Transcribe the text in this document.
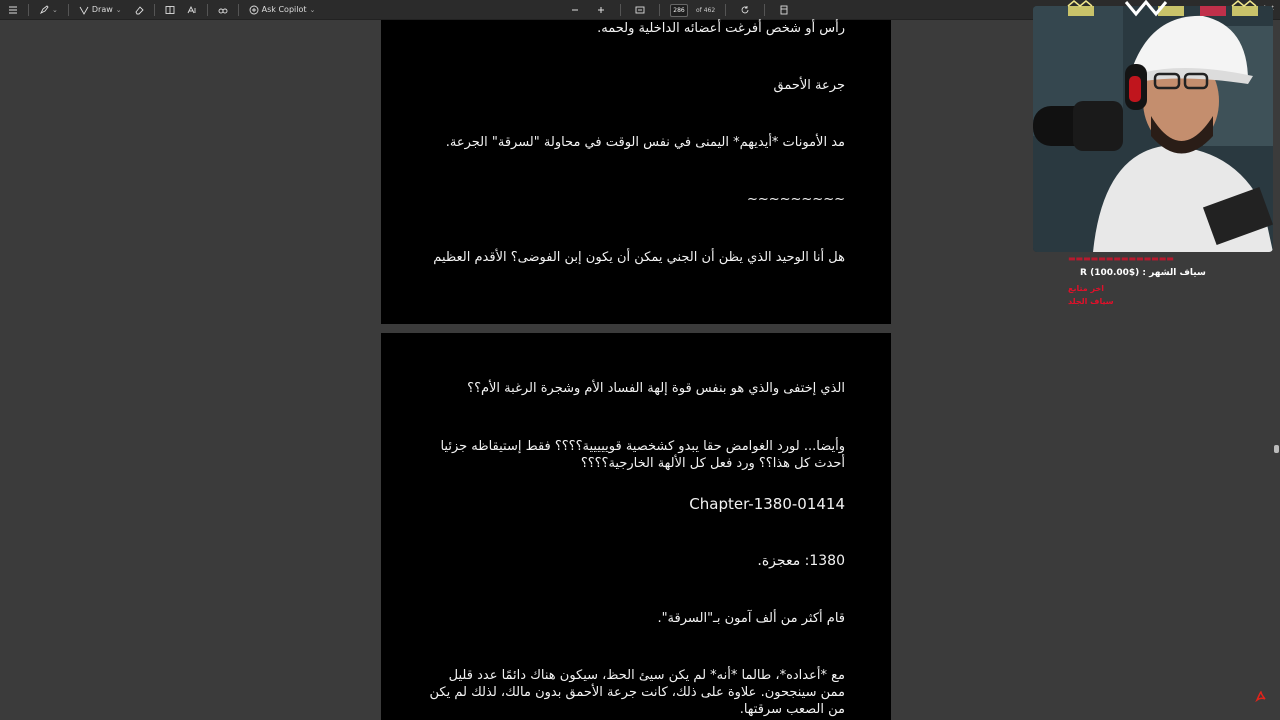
⌄	Draw ⌄	Ask Copilot ⌄
286	of 462
رأس أو شخص أفرغت أعضائه الداخلية ولحمه.
جرعة الأحمق
مد الأمونات *أيديهم* اليمنى في نفس الوقت في محاولة "لسرقة" الجرعة.
~~~~~~~~~
هل أنا الوحيد الذي يظن أن الجني يمكن أن يكون إبن الفوضى؟ الأقدم العظيم
الذي إختفى والذي هو بنفس قوة إلهة الفساد الأم وشجرة الرغبة الأم؟؟
وأيضا... لورد الغوامض حقا يبدو كشخصية قوييييية؟؟؟؟ فقط إستيقاظه جزئيا أحدث كل هذا؟؟ ورد فعل كل الألهة الخارجية؟؟؟؟
Chapter-1380-01414
1380: معجزة.
قام أكثر من ألف آمون بـ"السرقة".
مع *أعداده*، طالما *أنه* لم يكن سيئ الحظ، سيكون هناك دائمًا عدد قليل ممن سينجحون. علاوة على ذلك، كانت جرعة الأحمق بدون مالك، لذلك لم يكن من الصعب سرقتها.
▬▬▬▬▬▬▬▬▬▬▬▬▬▬
سياف الشهر : ($100.00) R
اخر متابع
سياف الجلد
